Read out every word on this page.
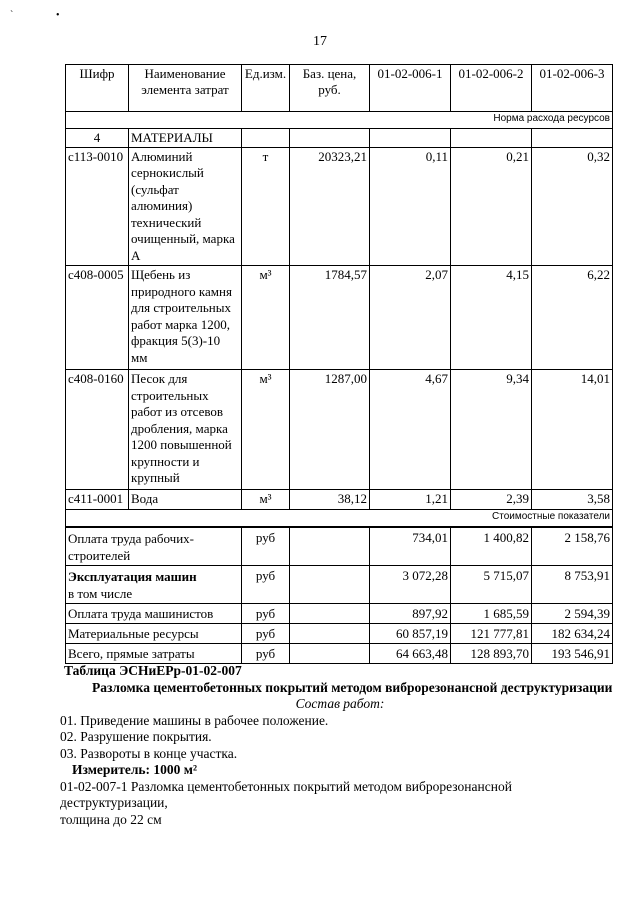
`	•
17
Шифр	Наименование элемента затрат	Ед.изм.	Баз. цена, руб.	01-02-006-1	01-02-006-2	01-02-006-3
Норма расхода ресурсов						
4	МАТЕРИАЛЫ					
с113-0010	Алюминий сернокислый (сульфат алюминия) технический очищенный, марка А	т	20323,21	0,11	0,21	0,32
с408-0005	Щебень из природного камня для строительных работ марка 1200, фракция 5(3)-10 мм	м³	1784,57	2,07	4,15	6,22
с408-0160	Песок для строительных работ из отсевов дробления, марка 1200 повышенной крупности и крупный	м³	1287,00	4,67	9,34	14,01
с411-0001	Вода	м³	38,12	1,21	2,39	3,58
Стоимостные показатели						
Оплата труда рабочих-строителей		руб		734,01	1 400,82	2 158,76

Эксплуатация машин
в том числе		руб		3 072,28	5 715,07	8 753,91
Оплата труда машинистов		руб		897,92	1 685,59	2 594,39
Материальные ресурсы		руб		60 857,19	121 777,81	182 634,24
Всего, прямые затраты		руб		64 663,48	128 893,70	193 546,91
Таблица ЭСНиЕРр-01-02-007
Разломка цементобетонных покрытий методом виброрезонансной деструктуризации
Состав работ:
01. Приведение машины в рабочее положение.
02. Разрушение покрытия.
03. Развороты в конце участка.
Измеритель: 1000 м²
01-02-007-1 Разломка цементобетонных покрытий методом виброрезонансной деструктуризации,
толщина до 22 см
